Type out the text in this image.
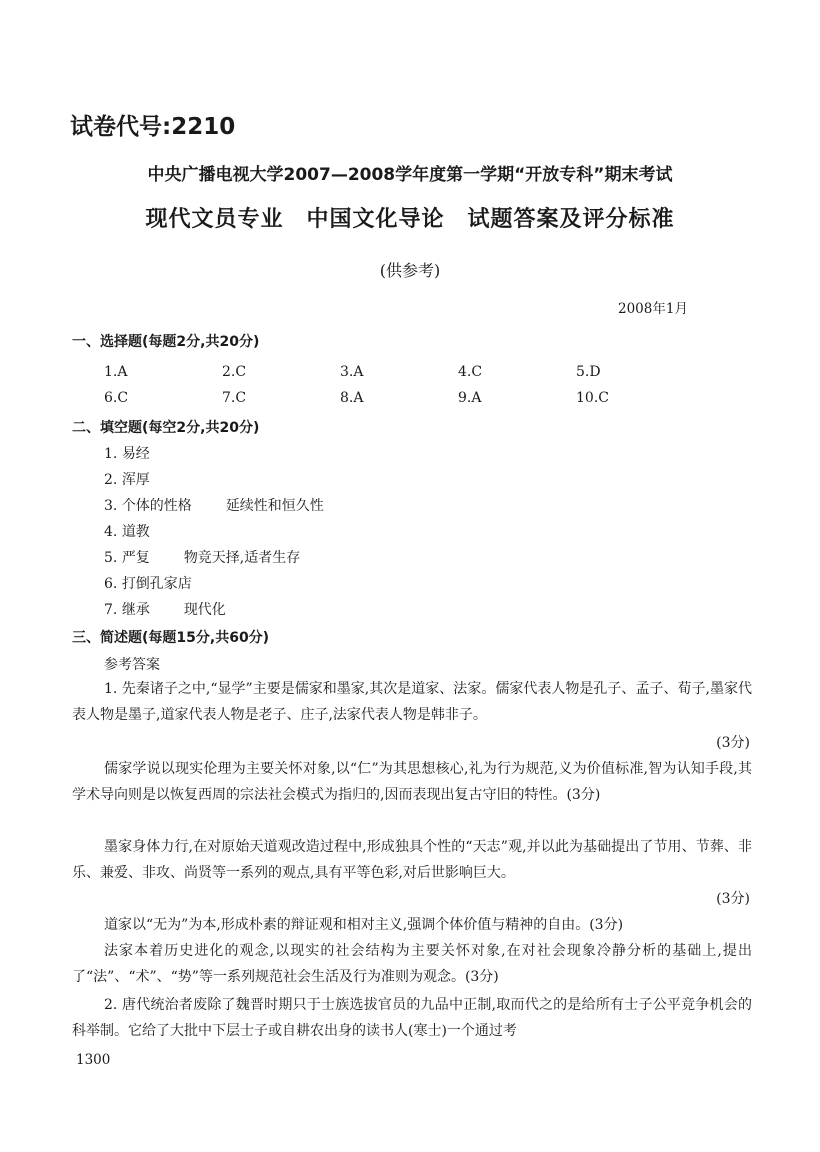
试卷代号:2210
中央广播电视大学2007—2008学年度第一学期“开放专科”期末考试
现代文员专业　中国文化导论　试题答案及评分标准
(供参考)
2008年1月
一、选择题(每题2分,共20分)
1.A	2.C	3.A	4.C	5.D
6.C	7.C	8.A	9.A	10.C
二、填空题(每空2分,共20分)
1. 易经
2. 浑厚
3. 个体的性格 延续性和恒久性
4. 道教
5. 严复 物竞天择,适者生存
6. 打倒孔家店
7. 继承 现代化
三、简述题(每题15分,共60分)
参考答案
1. 先秦诸子之中,“显学”主要是儒家和墨家,其次是道家、法家。儒家代表人物是孔子、孟子、荀子,墨家代表人物是墨子,道家代表人物是老子、庄子,法家代表人物是韩非子。
(3分)
儒家学说以现实伦理为主要关怀对象,以“仁”为其思想核心,礼为行为规范,义为价值标准,智为认知手段,其学术导向则是以恢复西周的宗法社会模式为指归的,因而表现出复古守旧的特性。(3分)
墨家身体力行,在对原始天道观改造过程中,形成独具个性的“天志”观,并以此为基础提出了节用、节葬、非乐、兼爱、非攻、尚贤等一系列的观点,具有平等色彩,对后世影响巨大。
(3分)
道家以“无为”为本,形成朴素的辩证观和相对主义,强调个体价值与精神的自由。(3分)
法家本着历史进化的观念,以现实的社会结构为主要关怀对象,在对社会现象冷静分析的基础上,提出了“法”、“术”、“势”等一系列规范社会生活及行为准则为观念。(3分)
2. 唐代统治者废除了魏晋时期只于士族选拔官员的九品中正制,取而代之的是给所有士子公平竞争机会的科举制。它给了大批中下层士子或自耕农出身的读书人(寒士)一个通过考
1300
